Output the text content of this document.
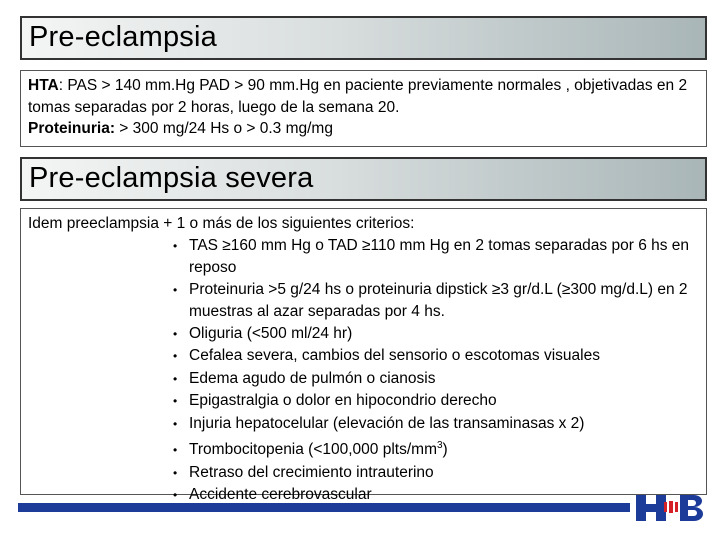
Pre-eclampsia

HTA: PAS > 140 mm.Hg PAD > 90 mm.Hg en paciente previamente normales , objetivadas en 2 tomas separadas por 2 horas, luego de la semana 20.

Proteinuria: > 300 mg/24 Hs o > 0.3 mg/mg

Pre-eclampsia severa

Idem preeclampsia + 1 o más de los siguientes criterios:

• TAS ≥160 mm Hg o TAD ≥110 mm Hg en 2 tomas separadas por 6 hs en reposo
• Proteinuria >5 g/24 hs o proteinuria dipstick ≥3 gr/d.L (≥300 mg/d.L) en 2 muestras al azar separadas por 4 hs.
• Oliguria (<500 ml/24 hr)
• Cefalea severa, cambios del sensorio o escotomas visuales
• Edema agudo de pulmón o cianosis
• Epigastralgia o dolor en hipocondrio derecho
• Injuria hepatocelular (elevación de las transaminasas x 2)
• Trombocitopenia (<100,000 plts/$mm^3$)
• Retraso del crecimiento intrauterino
• Accidente cerebrovascular
